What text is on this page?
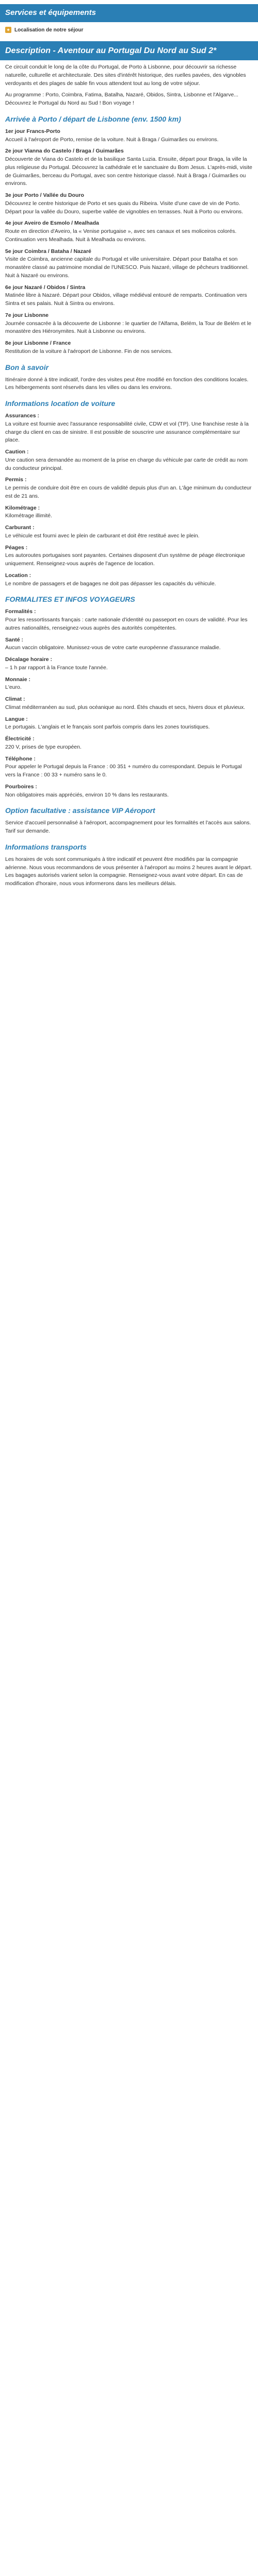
Services et équipements
⌖ Localisation de notre séjour
Description - Aventour au Portugal Du Nord au Sud 2*

Ce circuit conduit le long de la côte du Portugal, de Porto à Lisbonne, pour découvrir sa richesse naturelle, culturelle et architecturale. Des sites d'intérêt historique, des ruelles pavées, des vignobles verdoyants et des plages de sable fin vous attendent tout au long de votre séjour.

Au programme : Porto, Coimbra, Fatima, Batalha, Nazaré, Obidos, Sintra, Lisbonne et l'Algarve... Découvrez le Portugal du Nord au Sud ! Bon voyage !

Arrivée à Porto / départ de Lisbonne (env. 1500 km)
1er jour Francs-Porto

Accueil à l'aéroport de Porto, remise de la voiture. Nuit à Braga / Guimarães ou environs.

2e jour Vianna do Castelo / Braga / Guimarães

Découverte de Viana do Castelo et de la basilique Santa Luzia. Ensuite, départ pour Braga, la ville la plus religieuse du Portugal. Découvrez la cathédrale et le sanctuaire du Bom Jesus. L'après-midi, visite de Guimarães, berceau du Portugal, avec son centre historique classé. Nuit à Braga / Guimarães ou environs.

3e jour Porto / Vallée du Douro

Découvrez le centre historique de Porto et ses quais du Ribeira. Visite d'une cave de vin de Porto. Départ pour la vallée du Douro, superbe vallée de vignobles en terrasses. Nuit à Porto ou environs.

4e jour Aveiro de Esmolo / Mealhada

Route en direction d'Aveiro, la « Venise portugaise », avec ses canaux et ses moliceiros colorés. Continuation vers Mealhada. Nuit à Mealhada ou environs.

5e jour Coimbra / Bataha / Nazaré

Visite de Coimbra, ancienne capitale du Portugal et ville universitaire. Départ pour Batalha et son monastère classé au patrimoine mondial de l'UNESCO. Puis Nazaré, village de pêcheurs traditionnel. Nuit à Nazaré ou environs.

6e jour Nazaré / Obidos / Sintra

Matinée libre à Nazaré. Départ pour Obidos, village médiéval entouré de remparts. Continuation vers Sintra et ses palais. Nuit à Sintra ou environs.

7e jour Lisbonne

Journée consacrée à la découverte de Lisbonne : le quartier de l'Alfama, Belém, la Tour de Belém et le monastère des Hiéronymites. Nuit à Lisbonne ou environs.

8e jour Lisbonne / France

Restitution de la voiture à l'aéroport de Lisbonne. Fin de nos services.

Bon à savoir

Itinéraire donné à titre indicatif, l'ordre des visites peut être modifié en fonction des conditions locales. Les hébergements sont réservés dans les villes ou dans les environs.

Informations location de voiture
Assurances :

La voiture est fournie avec l'assurance responsabilité civile, CDW et vol (TP). Une franchise reste à la charge du client en cas de sinistre. Il est possible de souscrire une assurance complémentaire sur place.

Caution :

Une caution sera demandée au moment de la prise en charge du véhicule par carte de crédit au nom du conducteur principal.

Permis :

Le permis de conduire doit être en cours de validité depuis plus d'un an. L'âge minimum du conducteur est de 21 ans.

Kilométrage :

Kilométrage illimité.

Carburant :

Le véhicule est fourni avec le plein de carburant et doit être restitué avec le plein.

Péages :

Les autoroutes portugaises sont payantes. Certaines disposent d'un système de péage électronique uniquement. Renseignez-vous auprès de l'agence de location.

Location :

Le nombre de passagers et de bagages ne doit pas dépasser les capacités du véhicule.

FORMALITES ET INFOS VOYAGEURS
Formalités :

Pour les ressortissants français : carte nationale d'identité ou passeport en cours de validité. Pour les autres nationalités, renseignez-vous auprès des autorités compétentes.

Santé :

Aucun vaccin obligatoire. Munissez-vous de votre carte européenne d'assurance maladie.

Décalage horaire :

– 1 h par rapport à la France toute l'année.

Monnaie :

L'euro.

Climat :

Climat méditerranéen au sud, plus océanique au nord. Étés chauds et secs, hivers doux et pluvieux.

Langue :

Le portugais. L'anglais et le français sont parfois compris dans les zones touristiques.

Électricité :

220 V, prises de type européen.

Téléphone :

Pour appeler le Portugal depuis la France : 00 351 + numéro du correspondant. Depuis le Portugal vers la France : 00 33 + numéro sans le 0.

Pourboires :

Non obligatoires mais appréciés, environ 10 % dans les restaurants.

Option facultative : assistance VIP Aéroport

Service d'accueil personnalisé à l'aéroport, accompagnement pour les formalités et l'accès aux salons. Tarif sur demande.

Informations transports

Les horaires de vols sont communiqués à titre indicatif et peuvent être modifiés par la compagnie aérienne. Nous vous recommandons de vous présenter à l'aéroport au moins 2 heures avant le départ. Les bagages autorisés varient selon la compagnie. Renseignez-vous avant votre départ. En cas de modification d'horaire, nous vous informerons dans les meilleurs délais.
